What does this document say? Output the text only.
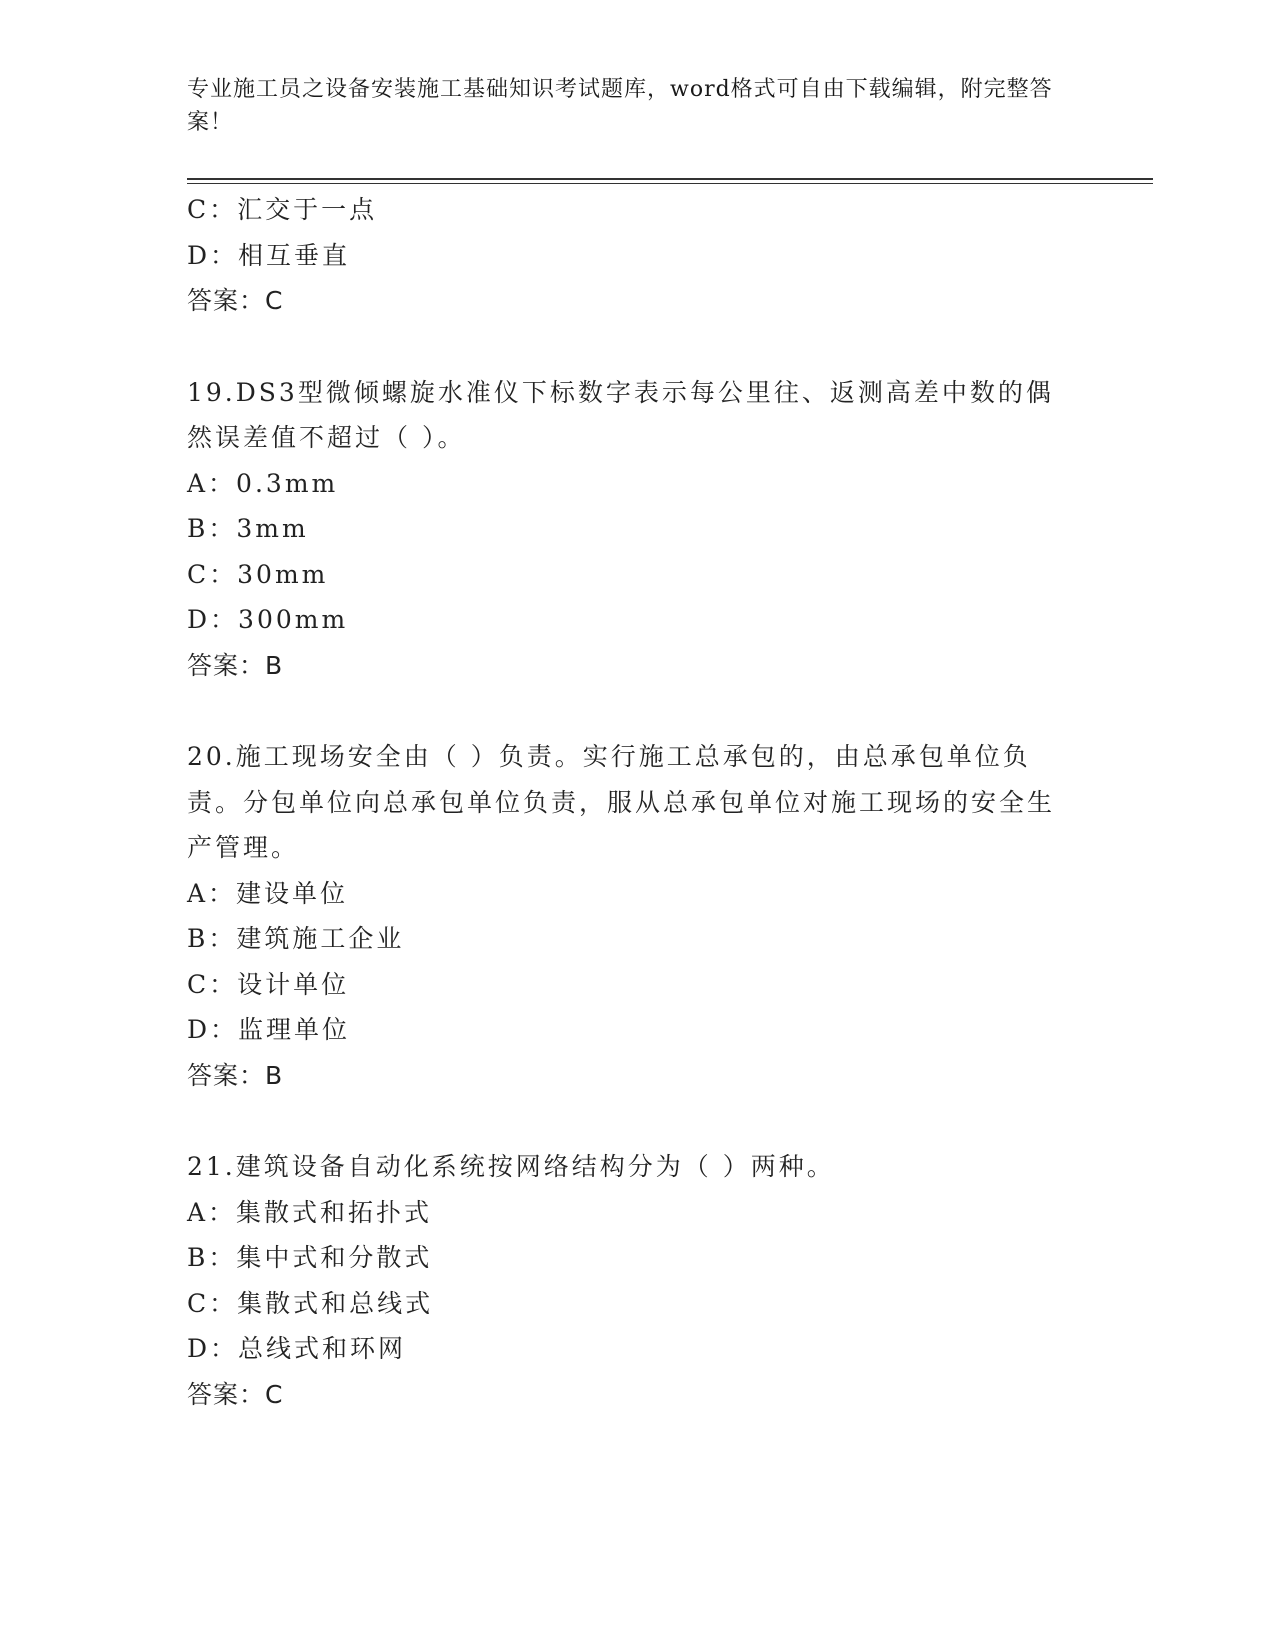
专业施工员之设备安装施工基础知识考试题库，word格式可自由下载编辑，附完整答案！
C：汇交于一点
D：相互垂直
答案：C
19.DS3型微倾螺旋水准仪下标数字表示每公里往、返测高差中数的偶然误差值不超过（ ）。
A：0.3mm
B：3mm
C：30mm
D：300mm
答案：B
20.施工现场安全由（ ）负责。实行施工总承包的，由总承包单位负责。分包单位向总承包单位负责，服从总承包单位对施工现场的安全生产管理。
A：建设单位
B：建筑施工企业
C：设计单位
D：监理单位
答案：B
21.建筑设备自动化系统按网络结构分为（ ）两种。
A：集散式和拓扑式
B：集中式和分散式
C：集散式和总线式
D：总线式和环网
答案：C
